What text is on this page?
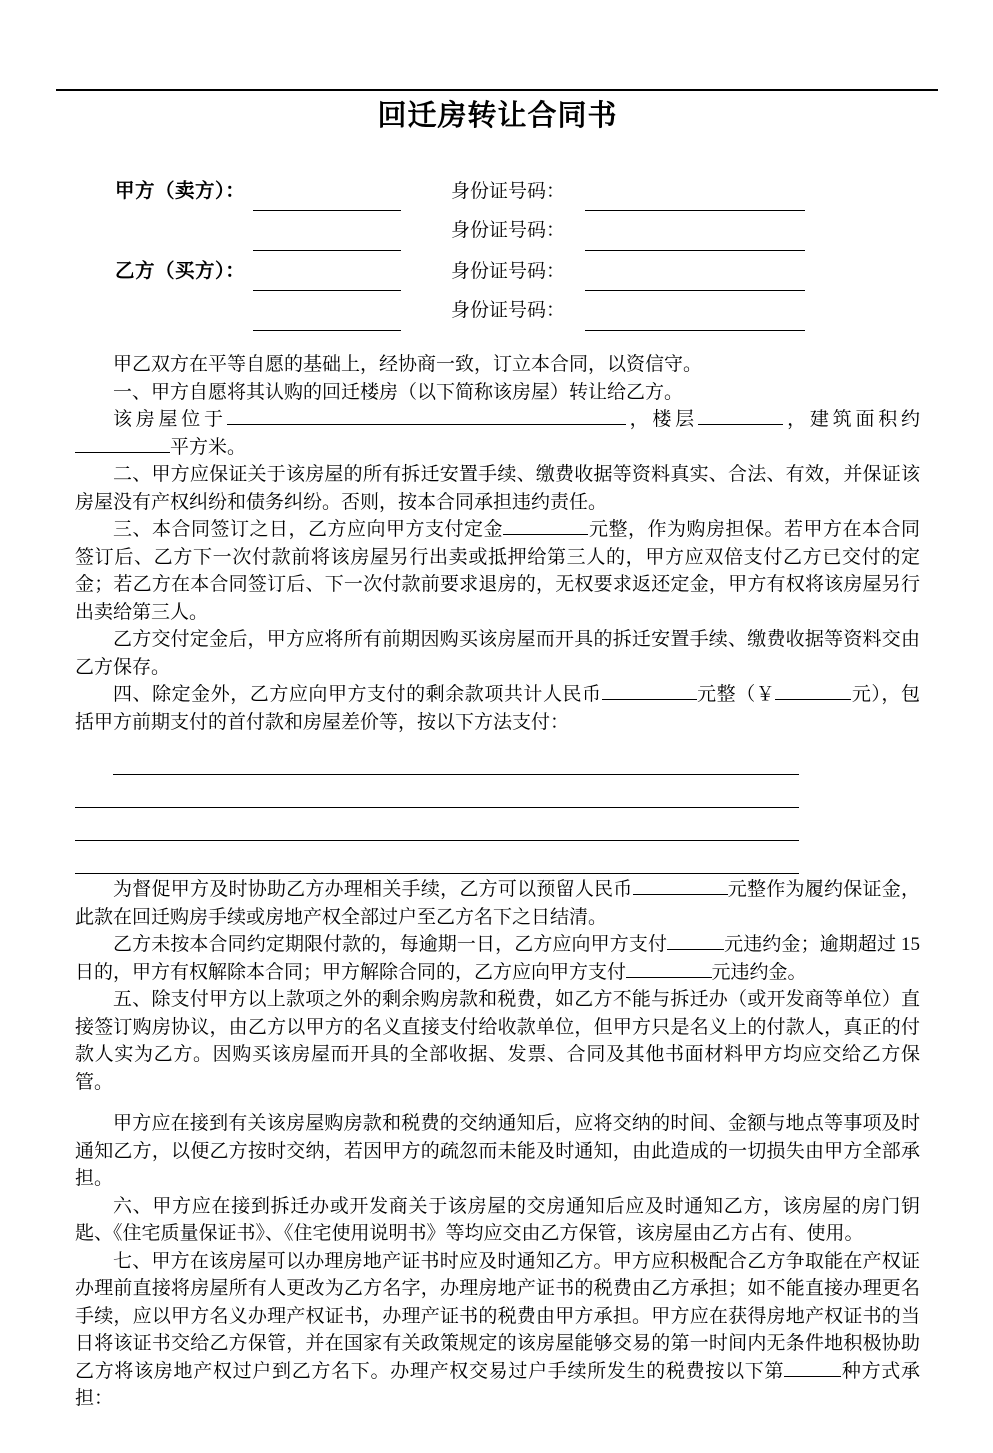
回迁房转让合同书
甲方（卖方）：	身份证号码：
身份证号码：
乙方（买方）：	身份证号码：
身份证号码：

甲乙双方在平等自愿的基础上，经协商一致，订立本合同，以资信守。

一、甲方自愿将其认购的回迁楼房（以下简称该房屋）转让给乙方。

该房屋位于	，楼层	，建筑面积约平方米。

二、甲方应保证关于该房屋的所有拆迁安置手续、缴费收据等资料真实、合法、有效，并保证该房屋没有产权纠纷和债务纠纷。否则，按本合同承担违约责任。

三、本合同签订之日，乙方应向甲方支付定金	元整，作为购房担保。若甲方在本合同签订后、乙方下一次付款前将该房屋另行出卖或抵押给第三人的，甲方应双倍支付乙方已交付的定金；若乙方在本合同签订后、下一次付款前要求退房的，无权要求返还定金，甲方有权将该房屋另行出卖给第三人。

乙方交付定金后，甲方应将所有前期因购买该房屋而开具的拆迁安置手续、缴费收据等资料交由乙方保存。

四、除定金外，乙方应向甲方支付的剩余款项共计人民币	元整（￥	元），包括甲方前期支付的首付款和房屋差价等，按以下方法支付：

为督促甲方及时协助乙方办理相关手续，乙方可以预留人民币	元整作为履约保证金，此款在回迁购房手续或房地产权全部过户至乙方名下之日结清。

乙方未按本合同约定期限付款的，每逾期一日，乙方应向甲方支付	元违约金；逾期超过 15 日的，甲方有权解除本合同；甲方解除合同的，乙方应向甲方支付	元违约金。

五、除支付甲方以上款项之外的剩余购房款和税费，如乙方不能与拆迁办（或开发商等单位）直接签订购房协议，由乙方以甲方的名义直接支付给收款单位，但甲方只是名义上的付款人，真正的付款人实为乙方。因购买该房屋而开具的全部收据、发票、合同及其他书面材料甲方均应交给乙方保管。

甲方应在接到有关该房屋购房款和税费的交纳通知后，应将交纳的时间、金额与地点等事项及时通知乙方，以便乙方按时交纳，若因甲方的疏忽而未能及时通知，由此造成的一切损失由甲方全部承担。

六、甲方应在接到拆迁办或开发商关于该房屋的交房通知后应及时通知乙方，该房屋的房门钥匙、《住宅质量保证书》、《住宅使用说明书》等均应交由乙方保管，该房屋由乙方占有、使用。

七、甲方在该房屋可以办理房地产证书时应及时通知乙方。甲方应积极配合乙方争取能在产权证办理前直接将房屋所有人更改为乙方名字，办理房地产证书的税费由乙方承担；如不能直接办理更名手续，应以甲方名义办理产权证书，办理产证书的税费由甲方承担。甲方应在获得房地产权证书的当日将该证书交给乙方保管，并在国家有关政策规定的该房屋能够交易的第一时间内无条件地积极协助乙方将该房地产权过户到乙方名下。办理产权交易过户手续所发生的税费按以下第	种方式承担：
